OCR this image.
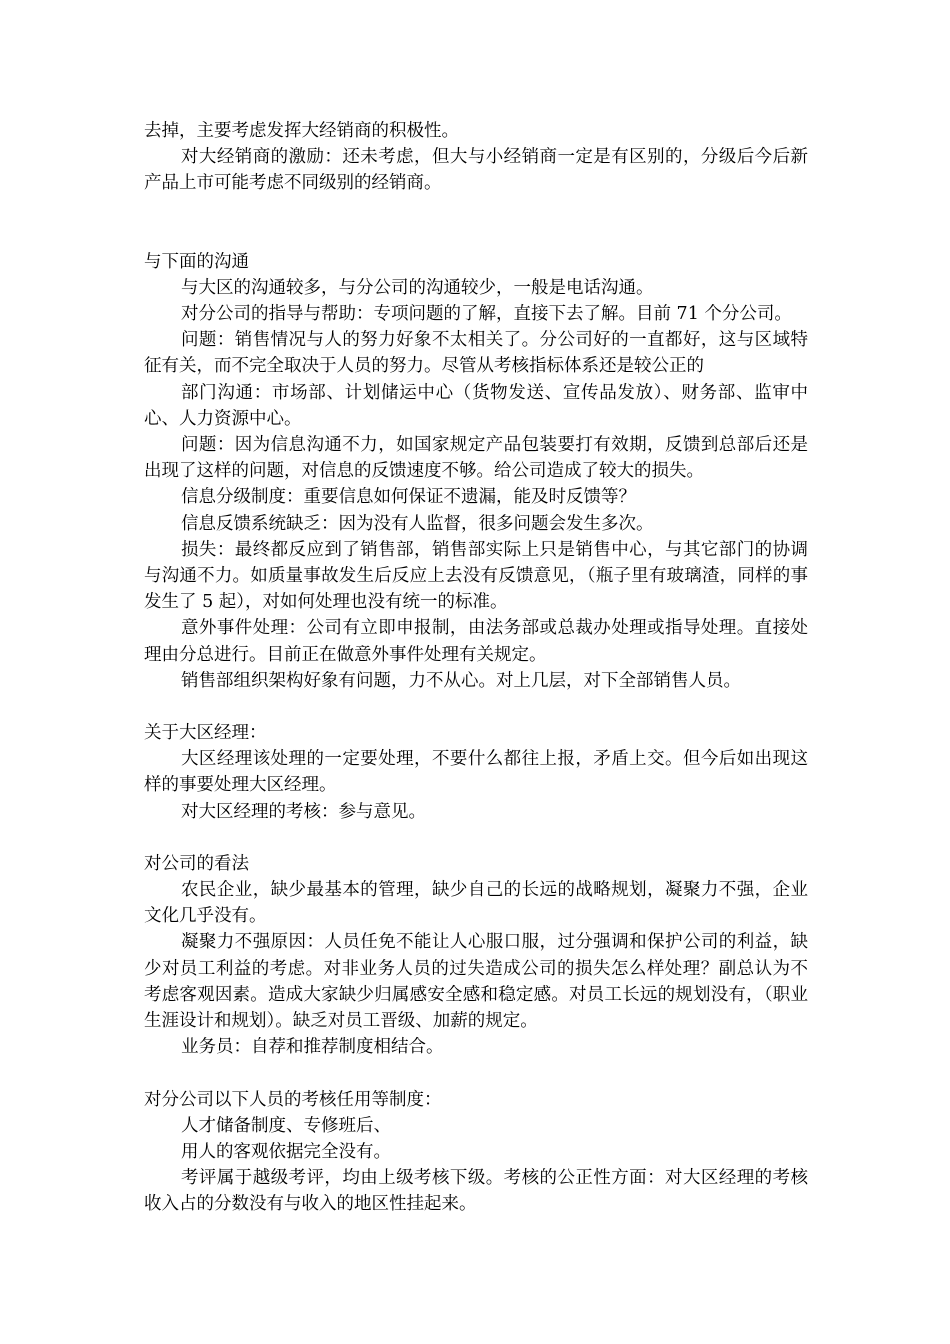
去掉，主要考虑发挥大经销商的积极性。

对大经销商的激励：还未考虑，但大与小经销商一定是有区别的，分级后今后新产品上市可能考虑不同级别的经销商。

与下面的沟通

与大区的沟通较多，与分公司的沟通较少，一般是电话沟通。

对分公司的指导与帮助：专项问题的了解，直接下去了解。目前 71 个分公司。

问题：销售情况与人的努力好象不太相关了。分公司好的一直都好，这与区域特征有关，而不完全取决于人员的努力。尽管从考核指标体系还是较公正的

部门沟通：市场部、计划储运中心（货物发送、宣传品发放）、财务部、监审中心、人力资源中心。

问题：因为信息沟通不力，如国家规定产品包装要打有效期，反馈到总部后还是出现了这样的问题，对信息的反馈速度不够。给公司造成了较大的损失。

信息分级制度：重要信息如何保证不遗漏，能及时反馈等？

信息反馈系统缺乏：因为没有人监督，很多问题会发生多次。

损失：最终都反应到了销售部，销售部实际上只是销售中心，与其它部门的协调与沟通不力。如质量事故发生后反应上去没有反馈意见，（瓶子里有玻璃渣，同样的事发生了 5 起），对如何处理也没有统一的标准。

意外事件处理：公司有立即申报制，由法务部或总裁办处理或指导处理。直接处理由分总进行。目前正在做意外事件处理有关规定。

销售部组织架构好象有问题，力不从心。对上几层，对下全部销售人员。

关于大区经理：

大区经理该处理的一定要处理，不要什么都往上报，矛盾上交。但今后如出现这样的事要处理大区经理。

对大区经理的考核：参与意见。

对公司的看法

农民企业，缺少最基本的管理，缺少自己的长远的战略规划，凝聚力不强，企业文化几乎没有。

凝聚力不强原因：人员任免不能让人心服口服，过分强调和保护公司的利益，缺少对员工利益的考虑。对非业务人员的过失造成公司的损失怎么样处理？副总认为不考虑客观因素。造成大家缺少归属感安全感和稳定感。对员工长远的规划没有，（职业生涯设计和规划）。缺乏对员工晋级、加薪的规定。

业务员：自荐和推荐制度相结合。

对分公司以下人员的考核任用等制度：

人才储备制度、专修班后、

用人的客观依据完全没有。

考评属于越级考评，均由上级考核下级。考核的公正性方面：对大区经理的考核收入占的分数没有与收入的地区性挂起来。
